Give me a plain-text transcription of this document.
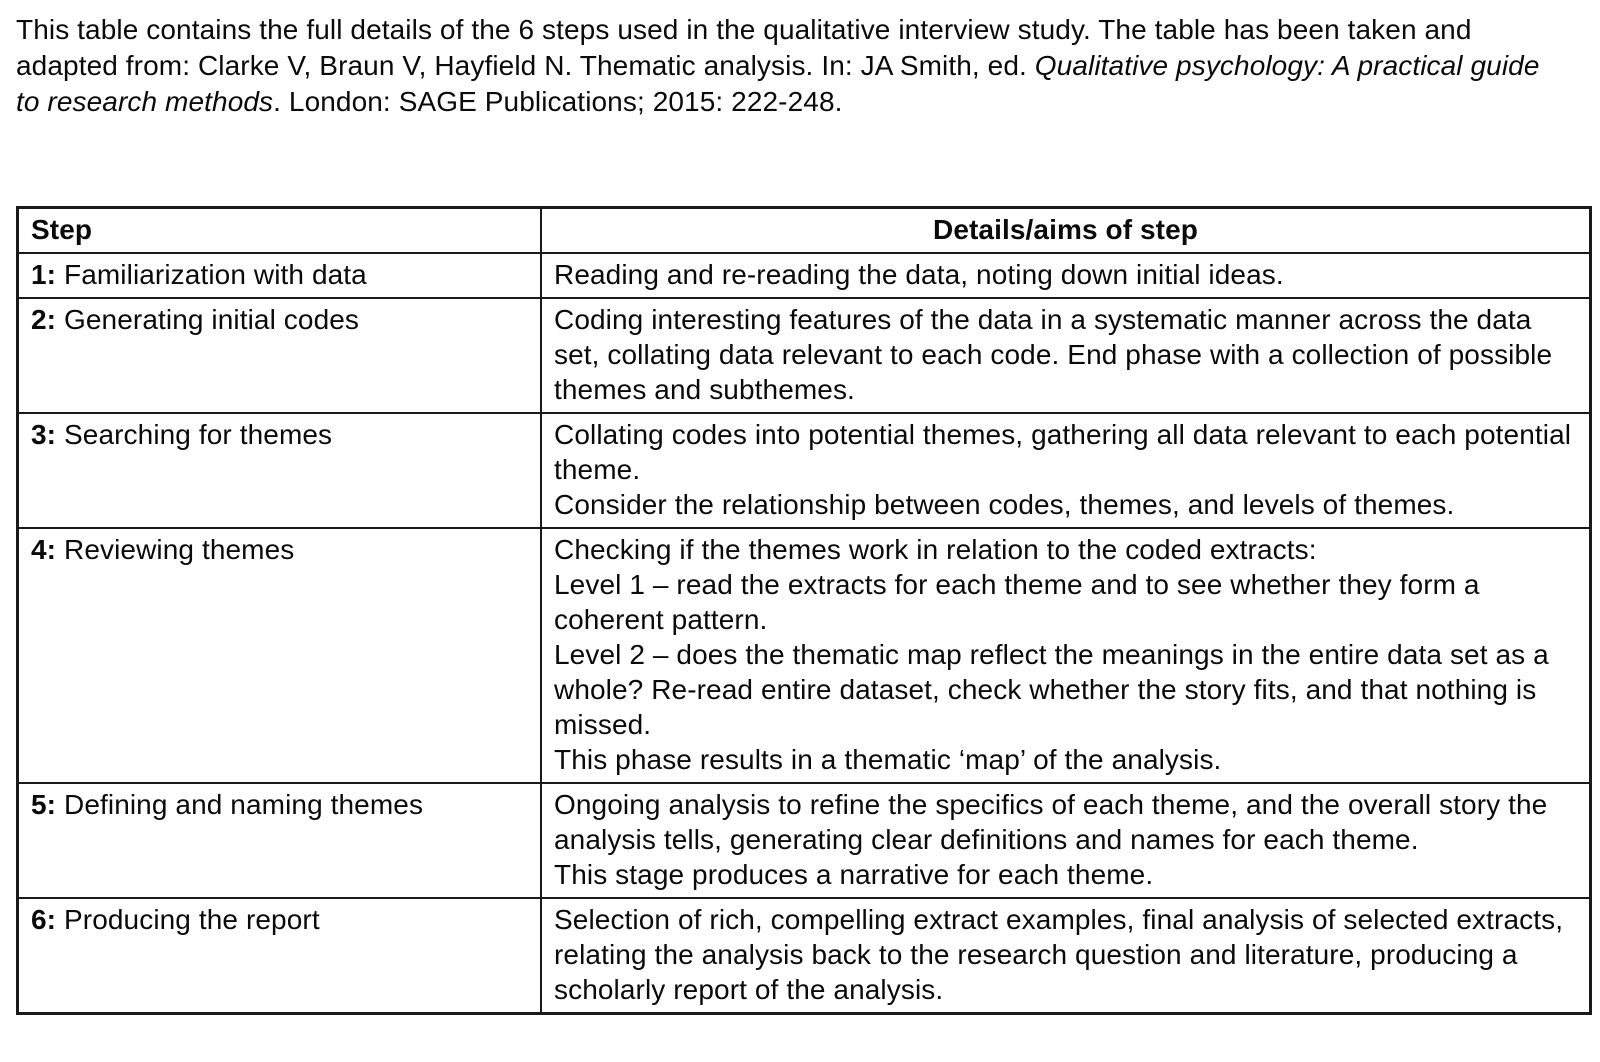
This table contains the full details of the 6 steps used in the qualitative interview study. The table has been taken and adapted from: Clarke V, Braun V, Hayfield N. Thematic analysis. In: JA Smith, ed. Qualitative psychology: A practical guide to research methods. London: SAGE Publications; 2015: 222-248.

Step	Details/aims of step
1: Familiarization with data	Reading and re-reading the data, noting down initial ideas.

2: Generating initial codes	Coding interesting features of the data in a systematic manner across the data set, collating data relevant to each code. End phase with a collection of possible themes and subthemes.

3: Searching for themes	Collating codes into potential themes, gathering all data relevant to each potential theme.
Consider the relationship between codes, themes, and levels of themes.

4: Reviewing themes	Checking if the themes work in relation to the coded extracts:
Level 1 – read the extracts for each theme and to see whether they form a coherent pattern.
Level 2 – does the thematic map reflect the meanings in the entire data set as a whole? Re-read entire dataset, check whether the story fits, and that nothing is missed.
This phase results in a thematic ‘map’ of the analysis.

5: Defining and naming themes	Ongoing analysis to refine the specifics of each theme, and the overall story the analysis tells, generating clear definitions and names for each theme.
This stage produces a narrative for each theme.

6: Producing the report	Selection of rich, compelling extract examples, final analysis of selected extracts, relating the analysis back to the research question and literature, producing a scholarly report of the analysis.
